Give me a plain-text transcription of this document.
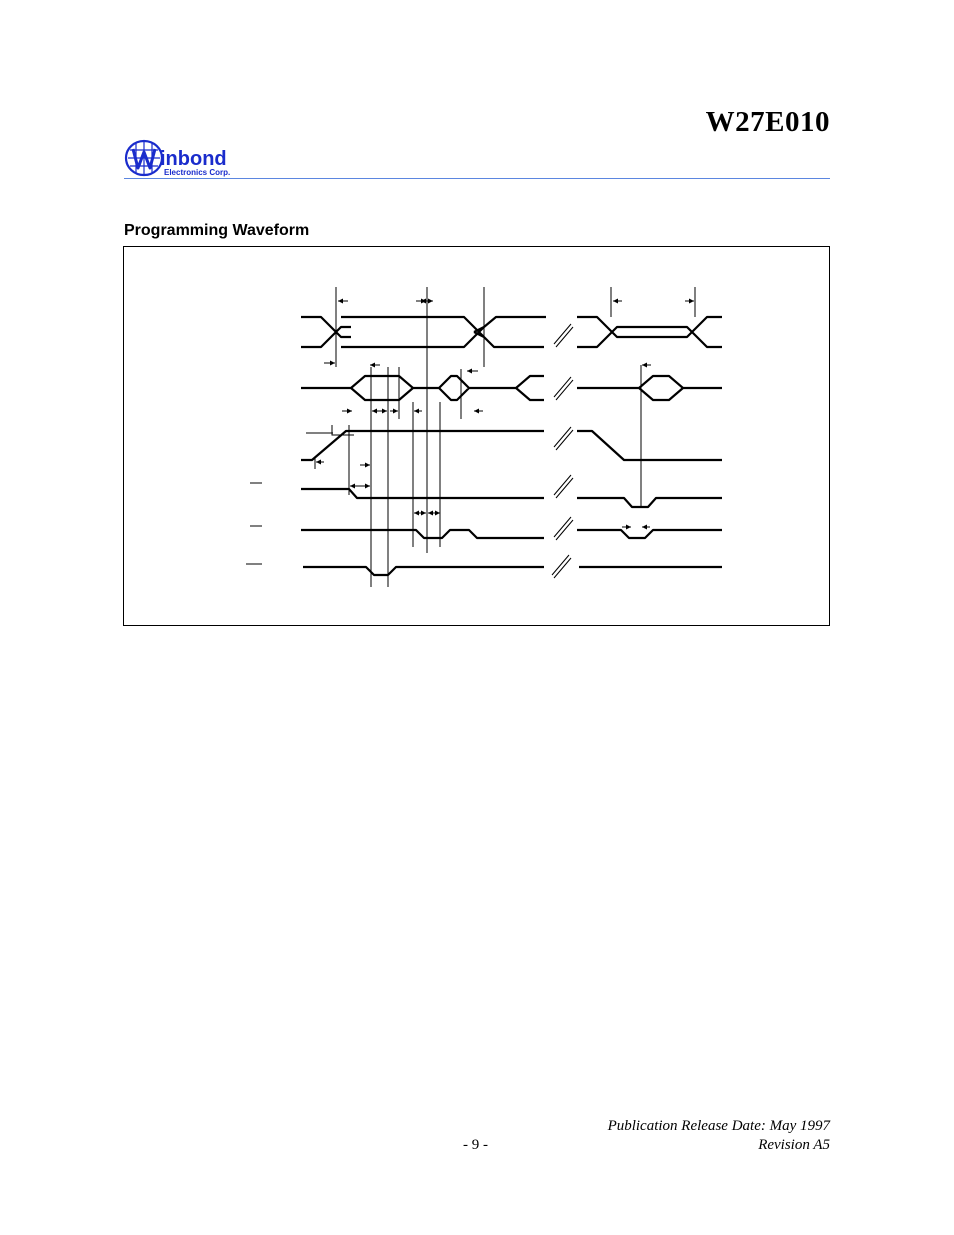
W27E010
inbond
Electronics Corp.
Programming Waveform
Publication Release Date: May 1997
- 9 -	Revision A5
